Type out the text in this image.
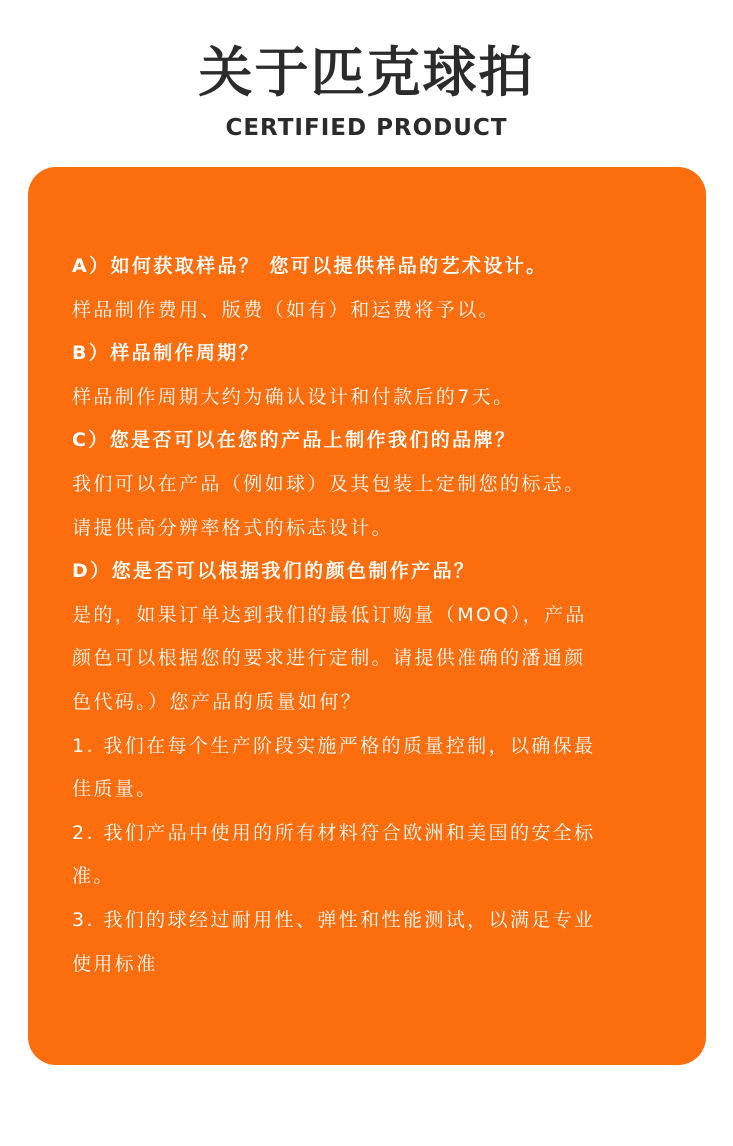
关于匹克球拍
CERTIFIED PRODUCT
A）如何获取样品？ 您可以提供样品的艺术设计。
样品制作费用、版费（如有）和运费将予以。
B）样品制作周期？
样品制作周期大约为确认设计和付款后的7天。
C）您是否可以在您的产品上制作我们的品牌？
我们可以在产品（例如球）及其包装上定制您的标志。
请提供高分辨率格式的标志设计。
D）您是否可以根据我们的颜色制作产品？
是的，如果订单达到我们的最低订购量（MOQ），产品
颜色可以根据您的要求进行定制。请提供准确的潘通颜
色代码。）您产品的质量如何？
1. 我们在每个生产阶段实施严格的质量控制，以确保最
佳质量。
2. 我们产品中使用的所有材料符合欧洲和美国的安全标
准。
3. 我们的球经过耐用性、弹性和性能测试，以满足专业
使用标准
